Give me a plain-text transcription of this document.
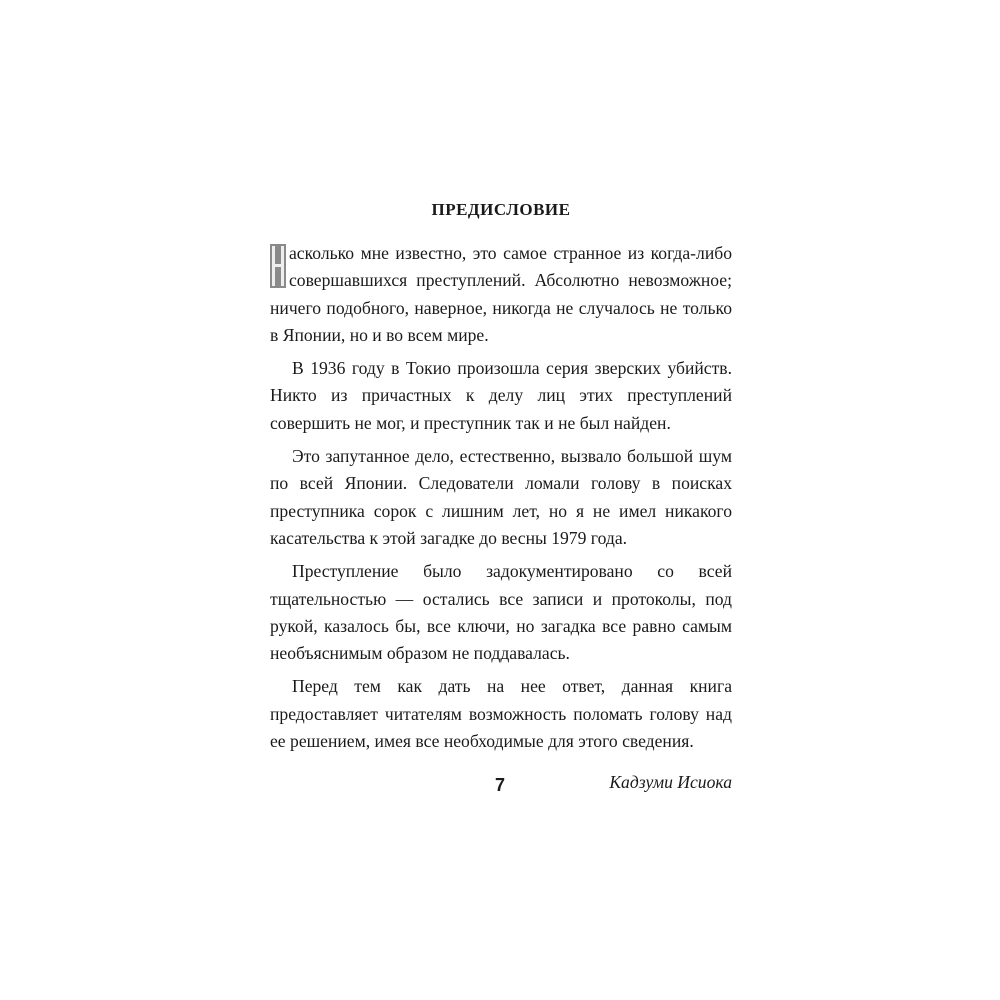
ПРЕДИСЛОВИЕ

асколько мне известно, это самое странное из когда-либо совершавшихся преступлений. Абсолютно невозможное; ничего подобного, наверное, никогда не случалось не только в Японии, но и во всем мире.

В 1936 году в Токио произошла серия зверских убийств. Никто из причастных к делу лиц этих преступлений совершить не мог, и преступник так и не был найден.

Это запутанное дело, естественно, вызвало большой шум по всей Японии. Следователи ломали голову в поисках преступника сорок с лишним лет, но я не имел никакого касательства к этой загадке до весны 1979 года.

Преступление было задокументировано со всей тщательностью — остались все записи и протоколы, под рукой, казалось бы, все ключи, но загадка все равно самым необъяснимым образом не поддавалась.

Перед тем как дать на нее ответ, данная книга предоставляет читателям возможность поломать голову над ее решением, имея все необходимые для этого сведения.

Кадзуми Исиока
7
